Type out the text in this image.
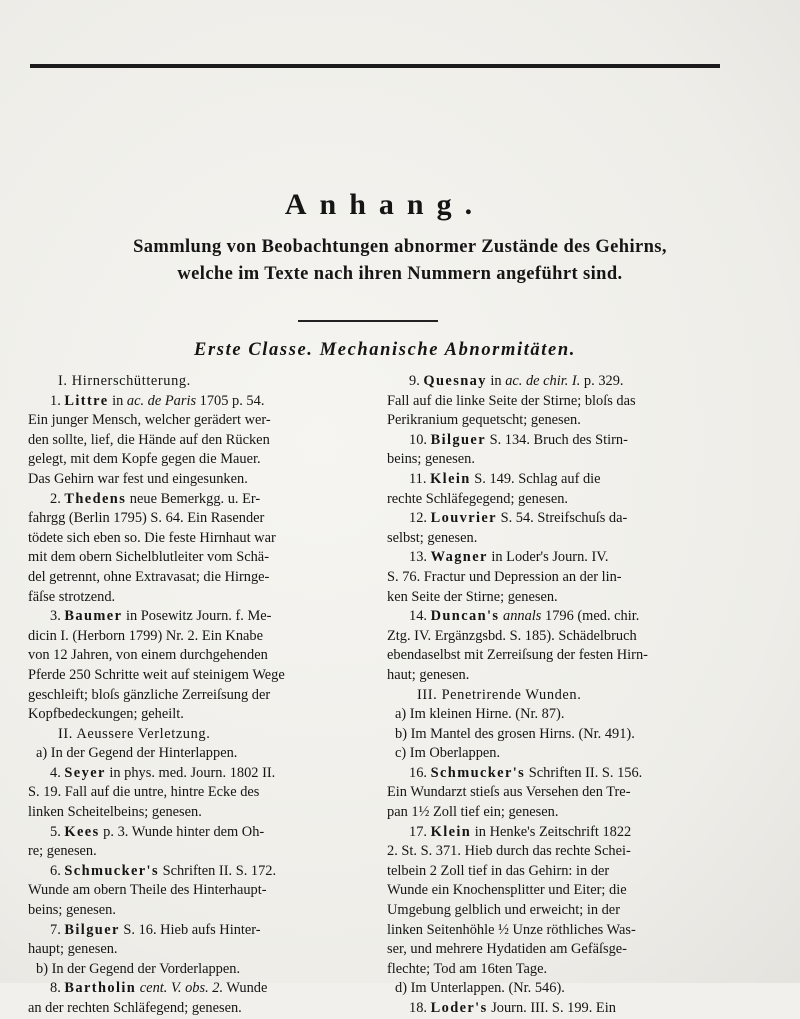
Anhang.
Sammlung von Beobachtungen abnormer Zustände des Gehirns,
welche im Texte nach ihren Nummern angeführt sind.
Erste Classe. Mechanische Abnormitäten.
I. Hirnerschütterung.
1. Littre in ac. de Paris 1705 p. 54.
Ein junger Mensch, welcher gerädert wer-
den sollte, lief, die Hände auf den Rücken
gelegt, mit dem Kopfe gegen die Mauer.
Das Gehirn war fest und eingesunken.
2. Thedens neue Bemerkgg. u. Er-
fahrgg (Berlin 1795) S. 64. Ein Rasender
tödete sich eben so. Die feste Hirnhaut war
mit dem obern Sichelblutleiter vom Schä-
del getrennt, ohne Extravasat; die Hirnge-
fäſse strotzend.
3. Baumer in Posewitz Journ. f. Me-
dicin I. (Herborn 1799) Nr. 2. Ein Knabe
von 12 Jahren, von einem durchgehenden
Pferde 250 Schritte weit auf steinigem Wege
geschleift; bloſs gänzliche Zerreiſsung der
Kopfbedeckungen; geheilt.
II. Aeussere Verletzung.
a) In der Gegend der Hinterlappen.
4. Seyer in phys. med. Journ. 1802 II.
S. 19. Fall auf die untre, hintre Ecke des
linken Scheitelbeins; genesen.
5. Kees p. 3. Wunde hinter dem Oh-
re; genesen.
6. Schmucker's Schriften II. S. 172.
Wunde am obern Theile des Hinterhaupt-
beins; genesen.
7. Bilguer S. 16. Hieb aufs Hinter-
haupt; genesen.
b) In der Gegend der Vorderlappen.
8. Bartholin cent. V. obs. 2. Wunde
an der rechten Schläfegend; genesen.
9. Quesnay in ac. de chir. I. p. 329.
Fall auf die linke Seite der Stirne; bloſs das
Perikranium gequetscht; genesen.
10. Bilguer S. 134. Bruch des Stirn-
beins; genesen.
11. Klein S. 149. Schlag auf die
rechte Schläfegegend; genesen.
12. Louvrier S. 54. Streifschuſs da-
selbst; genesen.
13. Wagner in Loder's Journ. IV.
S. 76. Fractur und Depression an der lin-
ken Seite der Stirne; genesen.
14. Duncan's annals 1796 (med. chir.
Ztg. IV. Ergänzgsbd. S. 185). Schädelbruch
ebendaselbst mit Zerreiſsung der festen Hirn-
haut; genesen.
III. Penetrirende Wunden.
a) Im kleinen Hirne. (Nr. 87).
b) Im Mantel des grosen Hirns. (Nr. 491).
c) Im Oberlappen.
16. Schmucker's Schriften II. S. 156.
Ein Wundarzt stieſs aus Versehen den Tre-
pan 1½ Zoll tief ein; genesen.
17. Klein in Henke's Zeitschrift 1822
2. St. S. 371. Hieb durch das rechte Schei-
telbein 2 Zoll tief in das Gehirn: in der
Wunde ein Knochensplitter und Eiter; die
Umgebung gelblich und erweicht; in der
linken Seitenhöhle ½ Unze röthliches Was-
ser, und mehrere Hydatiden am Gefäſsge-
flechte; Tod am 16ten Tage.
d) Im Unterlappen. (Nr. 546).
18. Loder's Journ. III. S. 199. Ein
